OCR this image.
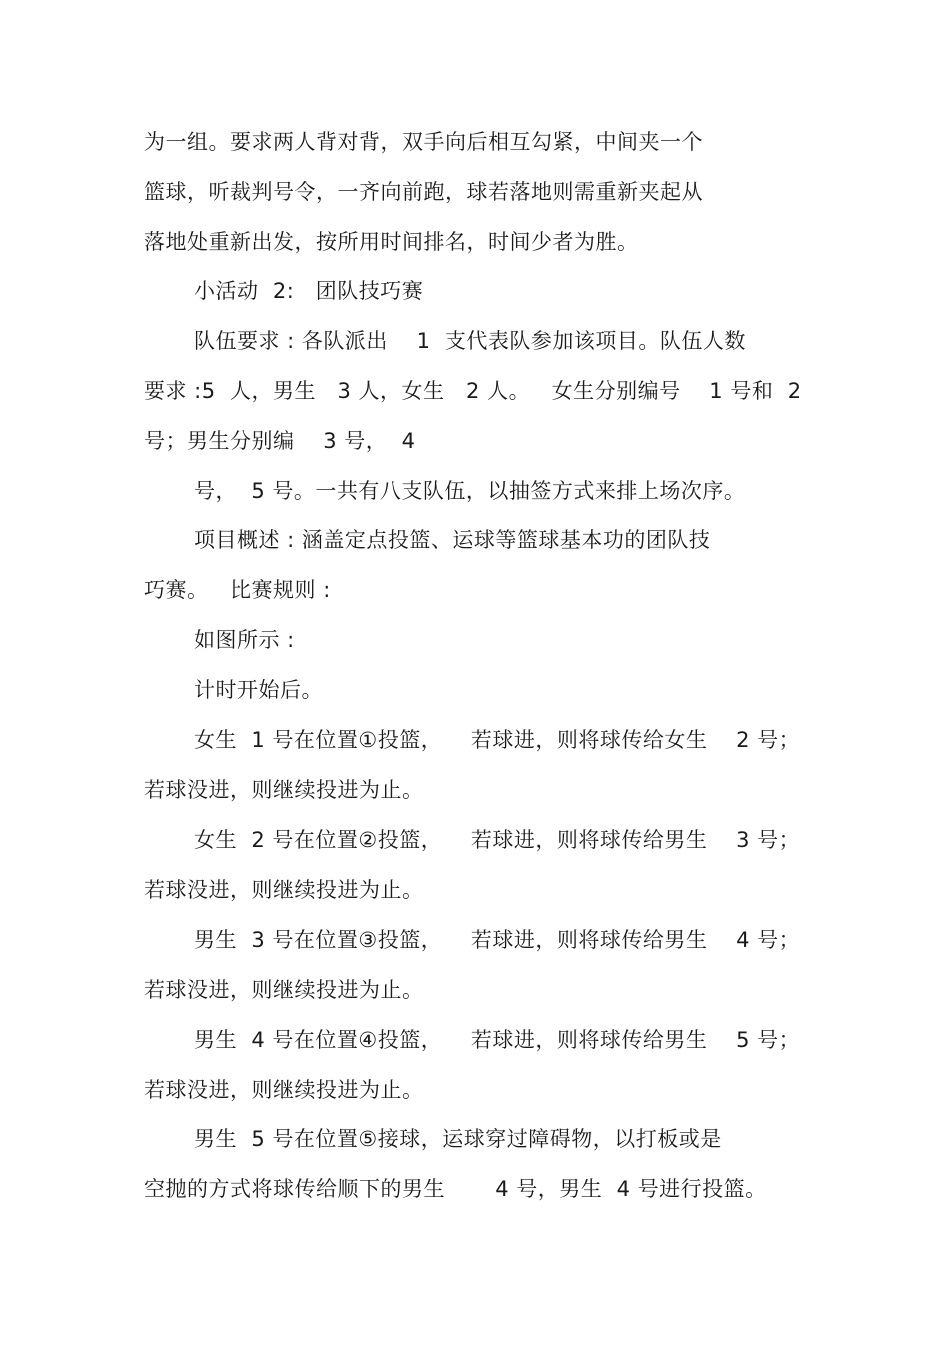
为一组。要求两人背对背，双手向后相互勾紧，中间夹一个
篮球，听裁判号令，一齐向前跑，球若落地则需重新夹起从
落地处重新出发，按所用时间排名，时间少者为胜。
小活动  2:   团队技巧赛
队伍要求 : 各队派出    1  支代表队参加该项目。队伍人数
要求 :5  人，男生   3 人，女生   2 人。   女生分别编号    1 号和  2
号；男生分别编    3 号，  4
号，  5 号。一共有八支队伍，以抽签方式来排上场次序。
项目概述 : 涵盖定点投篮、运球等篮球基本功的团队技
巧赛。   比赛规则 :
如图所示 :
计时开始后。
女生  1 号在位置①投篮，    若球进，则将球传给女生    2 号；
若球没进，则继续投进为止。
女生  2 号在位置②投篮，    若球进，则将球传给男生    3 号；
若球没进，则继续投进为止。
男生  3 号在位置③投篮，    若球进，则将球传给男生    4 号；
若球没进，则继续投进为止。
男生  4 号在位置④投篮，    若球进，则将球传给男生    5 号；
若球没进，则继续投进为止。
男生  5 号在位置⑤接球，运球穿过障碍物，以打板或是
空抛的方式将球传给顺下的男生       4 号，男生  4 号进行投篮。
